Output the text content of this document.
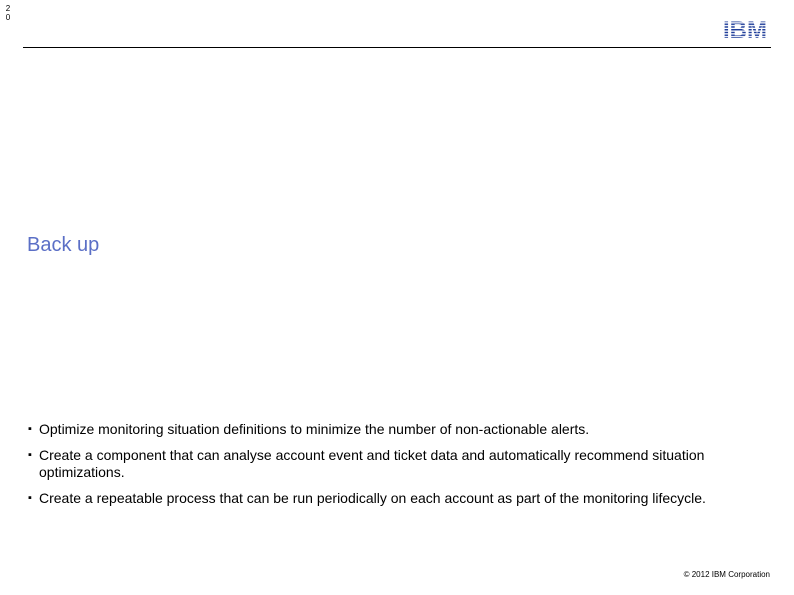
20	IBM
Back up
▪ Optimize monitoring situation definitions to minimize the number of non-actionable alerts.
▪ Create a component that can analyse account event and ticket data and automatically recommend situation optimizations.
▪ Create a repeatable process that can be run periodically on each account as part of the monitoring lifecycle.
© 2012 IBM Corporation
